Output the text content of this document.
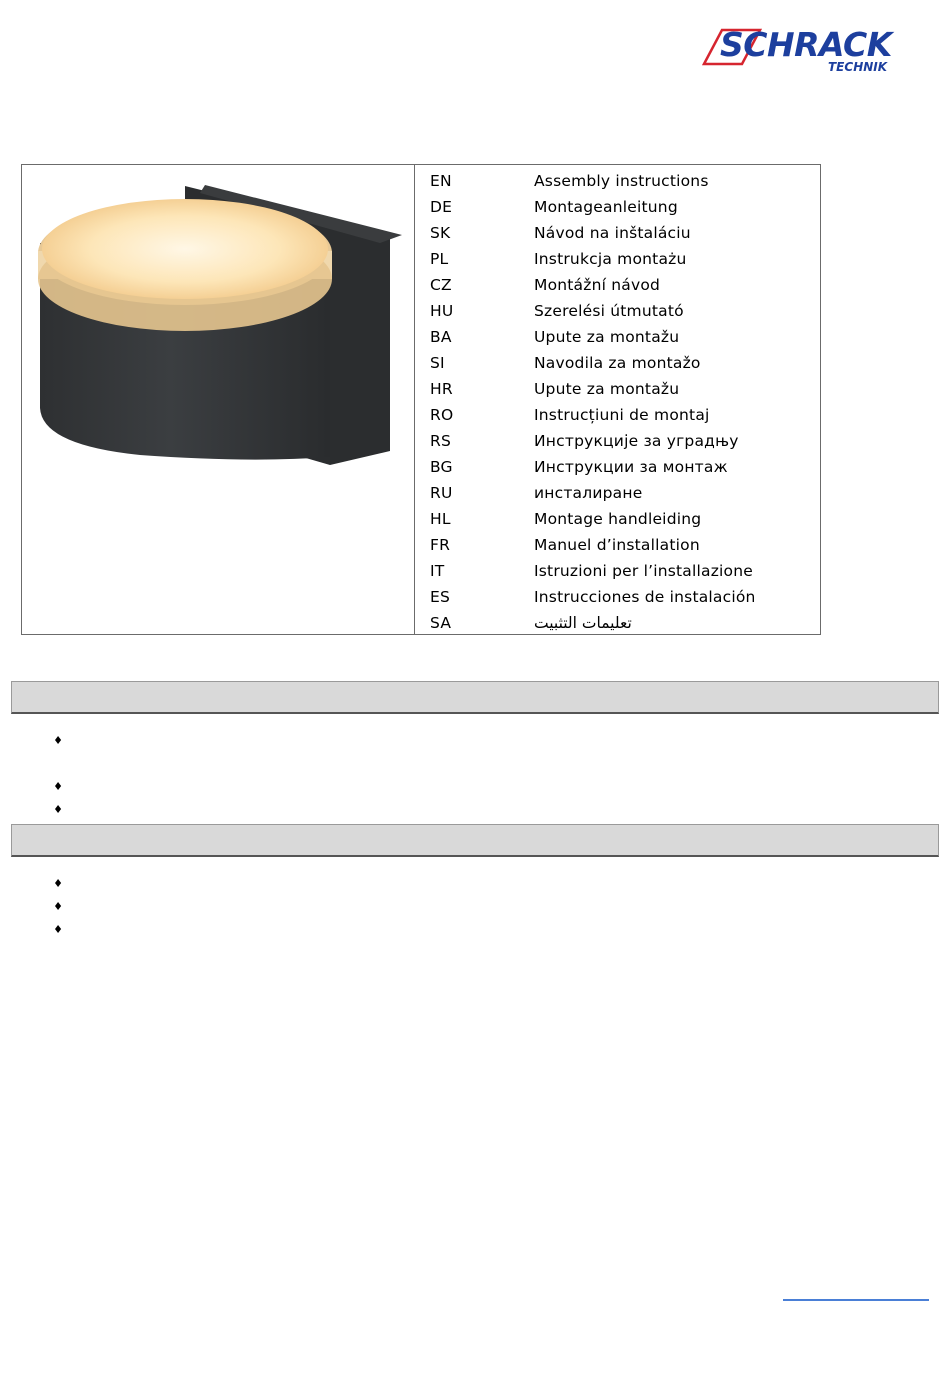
SCHRACK
TECHNIK
EN	Assembly instructions
DE	Montageanleitung
SK	Návod na inštaláciu
PL	Instrukcja montażu
CZ	Montážní návod
HU	Szerelési útmutató
BA	Upute za montažu
SI	Navodila za montažo
HR	Upute za montažu
RO	Instrucțiuni de montaj
RS	Инструкције за уградњу
BG	Инструкции за монтаж
RU	инсталиране
HL	Montage handleiding
FR	Manuel d’installation
IT	Istruzioni per l’installazione
ES	Instrucciones de instalación
SA	تعليمات التثبيت
♦
♦
♦
♦
♦
♦
